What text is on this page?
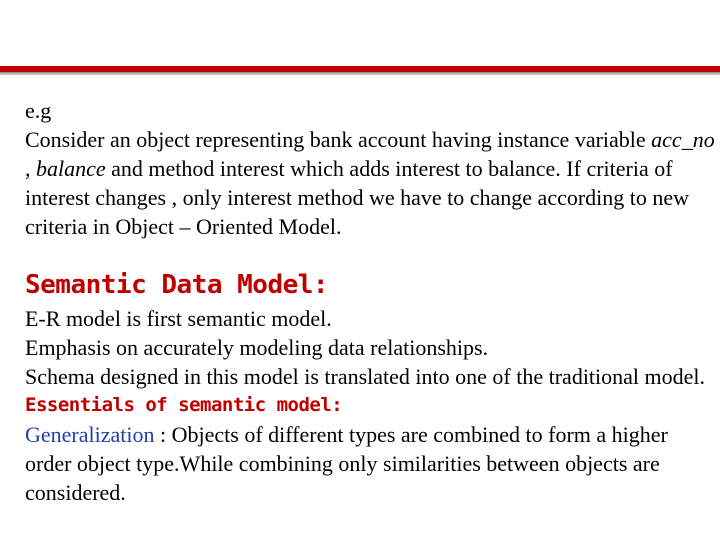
e.g
Consider an object representing bank account having instance variable acc_no , balance and method interest which adds interest to balance. If criteria of interest changes , only interest method we have to change according to new criteria in Object – Oriented Model.
Semantic Data Model:
E-R model is first semantic model.
Emphasis on accurately modeling data relationships.
Schema designed in this model is translated into one of the traditional model.
Essentials of semantic model:
Generalization : Objects of different types are combined to form a higher order object type.While combining only similarities between objects are considered.
